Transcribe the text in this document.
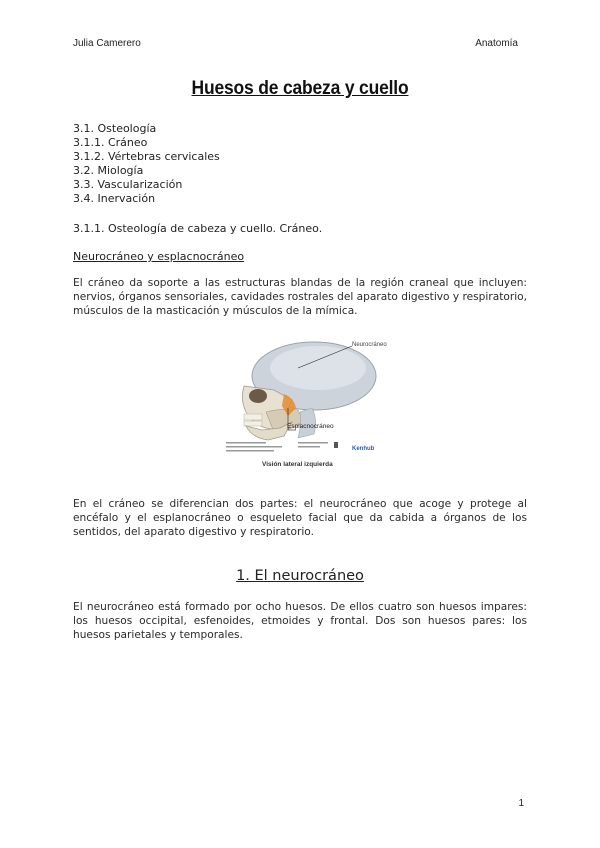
Julia Camerero	Anatomía
Huesos de cabeza y cuello
3.1. Osteología
3.1.1. Cráneo
3.1.2. Vértebras cervicales
3.2. Miología
3.3. Vascularización
3.4. Inervación
3.1.1. Osteología de cabeza y cuello. Cráneo.
Neurocráneo y esplacnocráneo
El cráneo da soporte a las estructuras blandas de la región craneal que incluyen: nervios, órganos sensoriales, cavidades rostrales del aparato digestivo y respiratorio, músculos de la masticación y músculos de la mímica.
Neurocráneo
Esplacnocráneo
Kenhub
Visión lateral izquierda
En el cráneo se diferencian dos partes: el neurocráneo que acoge y protege al encéfalo y el esplanocráneo o esqueleto facial que da cabida a órganos de los sentidos, del aparato digestivo y respiratorio.
1. El neurocráneo
El neurocráneo está formado por ocho huesos. De ellos cuatro son huesos impares: los huesos occipital, esfenoides, etmoides y frontal. Dos son huesos pares: los huesos parietales y temporales.
1
